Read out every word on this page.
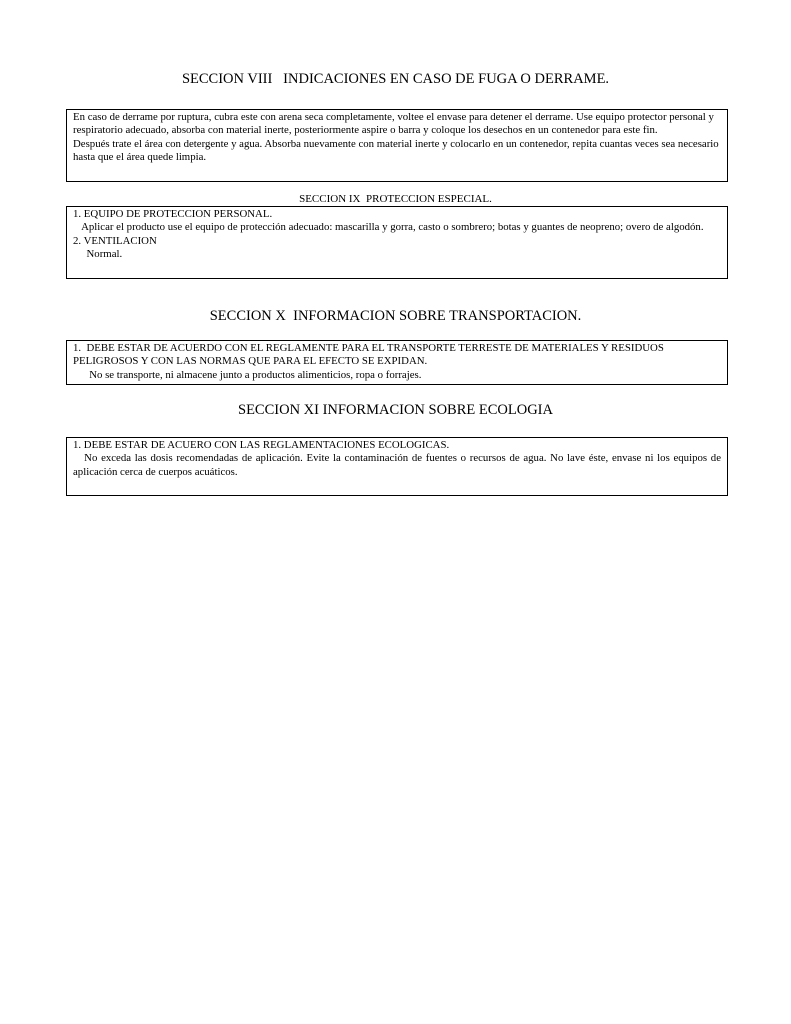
SECCION VIII   INDICACIONES EN CASO DE FUGA O DERRAME.
En caso de derrame por ruptura, cubra este con arena seca completamente, voltee el envase para detener el derrame. Use equipo protector personal y respiratorio adecuado, absorba con material inerte, posteriormente aspire o barra y coloque los desechos en un contenedor para este fin.
Después trate el área con detergente y agua. Absorba nuevamente con material inerte y colocarlo en un contenedor, repita cuantas veces sea necesario hasta que el área quede limpia.
SECCION IX  PROTECCION ESPECIAL.
1. EQUIPO DE PROTECCION PERSONAL.
Aplicar el producto use el equipo de protección adecuado: mascarilla y gorra, casto o sombrero; botas y guantes de neopreno; overo de algodón.
2. VENTILACION
Normal.
SECCION X  INFORMACION SOBRE TRANSPORTACION.
1.  DEBE ESTAR DE ACUERDO CON EL REGLAMENTE PARA EL TRANSPORTE TERRESTE DE MATERIALES Y RESIDUOS PELIGROSOS Y CON LAS NORMAS QUE PARA EL EFECTO SE EXPIDAN.
No se transporte, ni almacene junto a productos alimenticios, ropa o forrajes.
SECCION XI INFORMACION SOBRE ECOLOGIA
1. DEBE ESTAR DE ACUERO CON LAS REGLAMENTACIONES ECOLOGICAS.
No exceda las dosis recomendadas de aplicación. Evite la contaminación de fuentes o recursos de agua. No lave éste, envase ni los equipos de aplicación cerca de cuerpos acuáticos.
